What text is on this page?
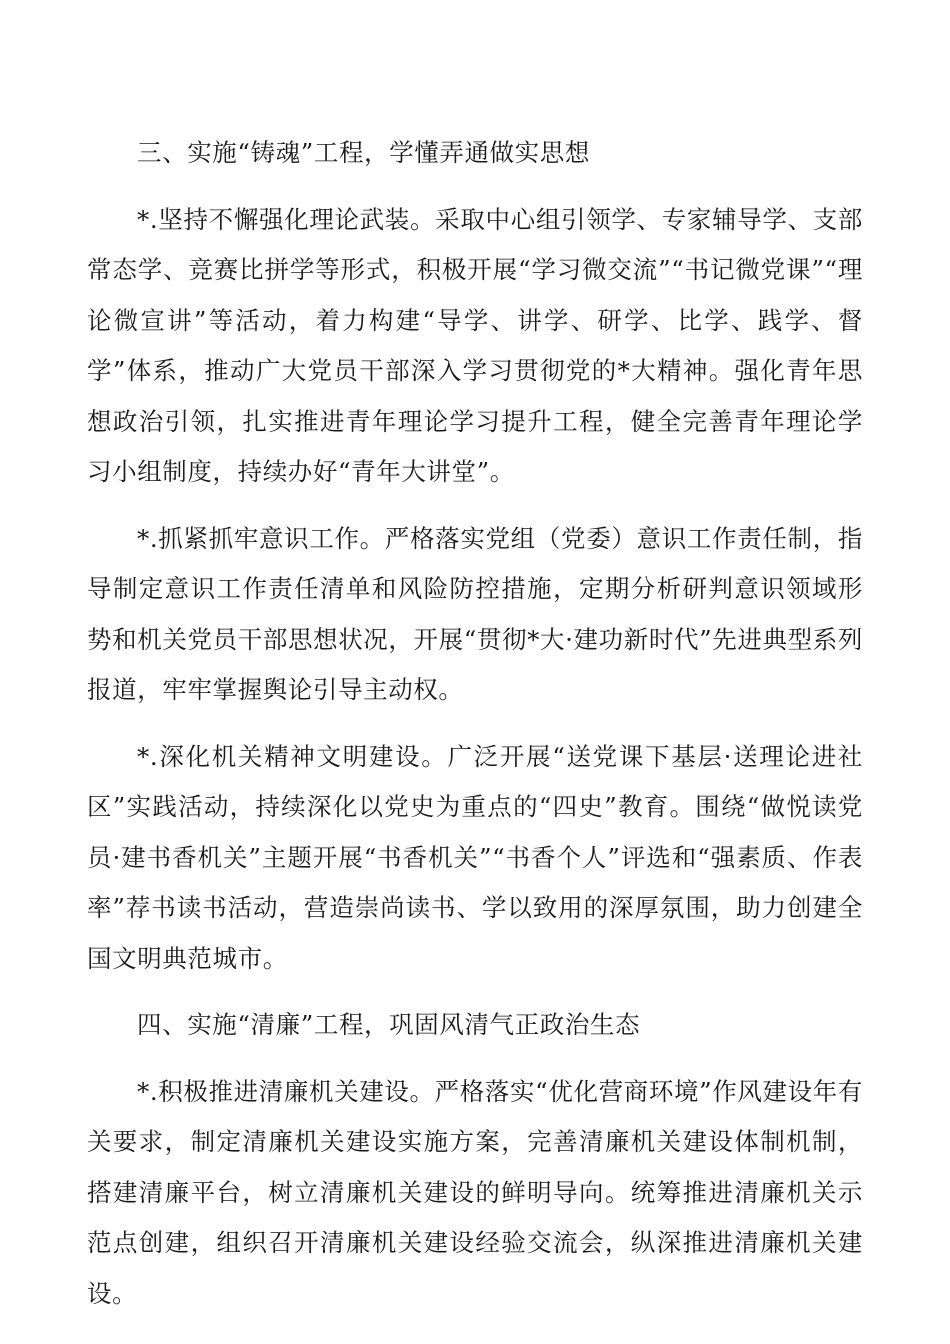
三、实施“铸魂”工程，学懂弄通做实思想

*.坚持不懈强化理论武装。采取中心组引领学、专家辅导学、支部常态学、竞赛比拼学等形式，积极开展“学习微交流”“书记微党课”“理论微宣讲”等活动，着力构建“导学、讲学、研学、比学、践学、督学”体系，推动广大党员干部深入学习贯彻党的*大精神。强化青年思想政治引领，扎实推进青年理论学习提升工程，健全完善青年理论学习小组制度，持续办好“青年大讲堂”。

*.抓紧抓牢意识工作。严格落实党组（党委）意识工作责任制，指导制定意识工作责任清单和风险防控措施，定期分析研判意识领域形势和机关党员干部思想状况，开展“贯彻*大·建功新时代”先进典型系列报道，牢牢掌握舆论引导主动权。

*.深化机关精神文明建设。广泛开展“送党课下基层·送理论进社区”实践活动，持续深化以党史为重点的“四史”教育。围绕“做悦读党员·建书香机关”主题开展“书香机关”“书香个人”评选和“强素质、作表率”荐书读书活动，营造崇尚读书、学以致用的深厚氛围，助力创建全国文明典范城市。

四、实施“清廉”工程，巩固风清气正政治生态

*.积极推进清廉机关建设。严格落实“优化营商环境”作风建设年有关要求，制定清廉机关建设实施方案，完善清廉机关建设体制机制，搭建清廉平台，树立清廉机关建设的鲜明导向。统筹推进清廉机关示范点创建，组织召开清廉机关建设经验交流会，纵深推进清廉机关建设。
